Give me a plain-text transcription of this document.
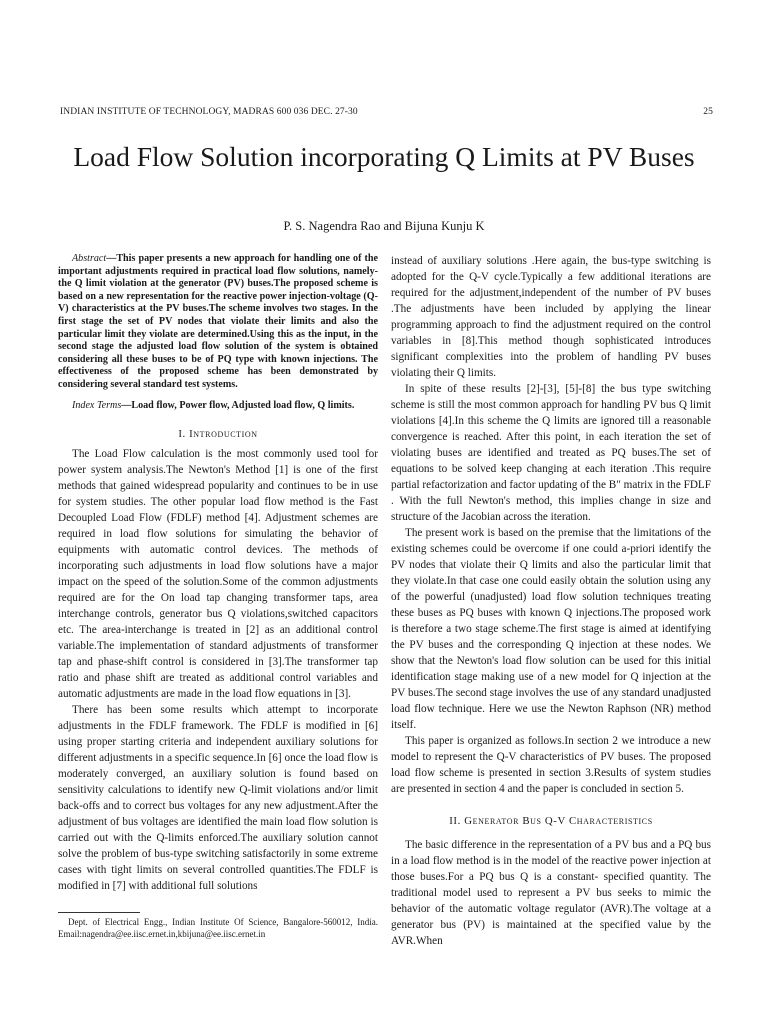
INDIAN INSTITUTE OF TECHNOLOGY, MADRAS 600 036 DEC. 27-30	25
Load Flow Solution incorporating Q Limits at PV Buses
P. S. Nagendra Rao and Bijuna Kunju K

Abstract—This paper presents a new approach for handling one of the important adjustments required in practical load flow solutions, namely- the Q limit violation at the generator (PV) buses.The proposed scheme is based on a new representation for the reactive power injection-voltage (Q-V) characteristics at the PV buses.The scheme involves two stages. In the first stage the set of PV nodes that violate their limits and also the particular limit they violate are determined.Using this as the input, in the second stage the adjusted load flow solution of the system is obtained considering all these buses to be of PQ type with known injections. The effectiveness of the proposed scheme has been demonstrated by considering several standard test systems.

Index Terms—Load flow, Power flow, Adjusted load flow, Q limits.

I. Introduction

The Load Flow calculation is the most commonly used tool for power system analysis.The Newton's Method [1] is one of the first methods that gained widespread popularity and continues to be in use for system studies. The other popular load flow method is the Fast Decoupled Load Flow (FDLF) method [4]. Adjustment schemes are required in load flow solutions for simulating the behavior of equipments with automatic control devices. The methods of incorporating such adjustments in load flow solutions have a major impact on the speed of the solution.Some of the common adjustments required are for the On load tap changing transformer taps, area interchange controls, generator bus Q violations,switched capacitors etc. The area-interchange is treated in [2] as an additional control variable.The implementation of standard adjustments of transformer tap and phase-shift control is considered in [3].The transformer tap ratio and phase shift are treated as additional control variables and automatic adjustments are made in the load flow equations in [3].

There has been some results which attempt to incorporate adjustments in the FDLF framework. The FDLF is modified in [6] using proper starting criteria and independent auxiliary solutions for different adjustments in a specific sequence.In [6] once the load flow is moderately converged, an auxiliary solution is found based on sensitivity calculations to identify new Q-limit violations and/or limit back-offs and to correct bus voltages for any new adjustment.After the adjustment of bus voltages are identified the main load flow solution is carried out with the Q-limits enforced.The auxiliary solution cannot solve the problem of bus-type switching satisfactorily in some extreme cases with tight limits on several controlled quantities.The FDLF is modified in [7] with additional full solutions

instead of auxiliary solutions .Here again, the bus-type switching is adopted for the Q-V cycle.Typically a few additional iterations are required for the adjustment,independent of the number of PV buses .The adjustments have been included by applying the linear programming approach to find the adjustment required on the control variables in [8].This method though sophisticated introduces significant complexities into the problem of handling PV buses violating their Q limits.

In spite of these results [2]-[3], [5]-[8] the bus type switching scheme is still the most common approach for handling PV bus Q limit violations [4].In this scheme the Q limits are ignored till a reasonable convergence is reached. After this point, in each iteration the set of violating buses are identified and treated as PQ buses.The set of equations to be solved keep changing at each iteration .This require partial refactorization and factor updating of the B″ matrix in the FDLF . With the full Newton's method, this implies change in size and structure of the Jacobian across the iteration.

The present work is based on the premise that the limitations of the existing schemes could be overcome if one could a-priori identify the PV nodes that violate their Q limits and also the particular limit that they violate.In that case one could easily obtain the solution using any of the powerful (unadjusted) load flow solution techniques treating these buses as PQ buses with known Q injections.The proposed work is therefore a two stage scheme.The first stage is aimed at identifying the PV buses and the corresponding Q injection at these nodes. We show that the Newton's load flow solution can be used for this initial identification stage making use of a new model for Q injection at the PV buses.The second stage involves the use of any standard unadjusted load flow technique. Here we use the Newton Raphson (NR) method itself.

This paper is organized as follows.In section 2 we introduce a new model to represent the Q-V characteristics of PV buses. The proposed load flow scheme is presented in section 3.Results of system studies are presented in section 4 and the paper is concluded in section 5.

II. Generator Bus Q-V Characteristics

The basic difference in the representation of a PV bus and a PQ bus in a load flow method is in the model of the reactive power injection at those buses.For a PQ bus Q is a constant- specified quantity. The traditional model used to represent a PV bus seeks to mimic the behavior of the automatic voltage regulator (AVR).The voltage at a generator bus (PV) is maintained at the specified value by the AVR.When

Dept. of Electrical Engg., Indian Institute Of Science, Bangalore-560012, India. Email:nagendra@ee.iisc.ernet.in,kbijuna@ee.iisc.ernet.in
